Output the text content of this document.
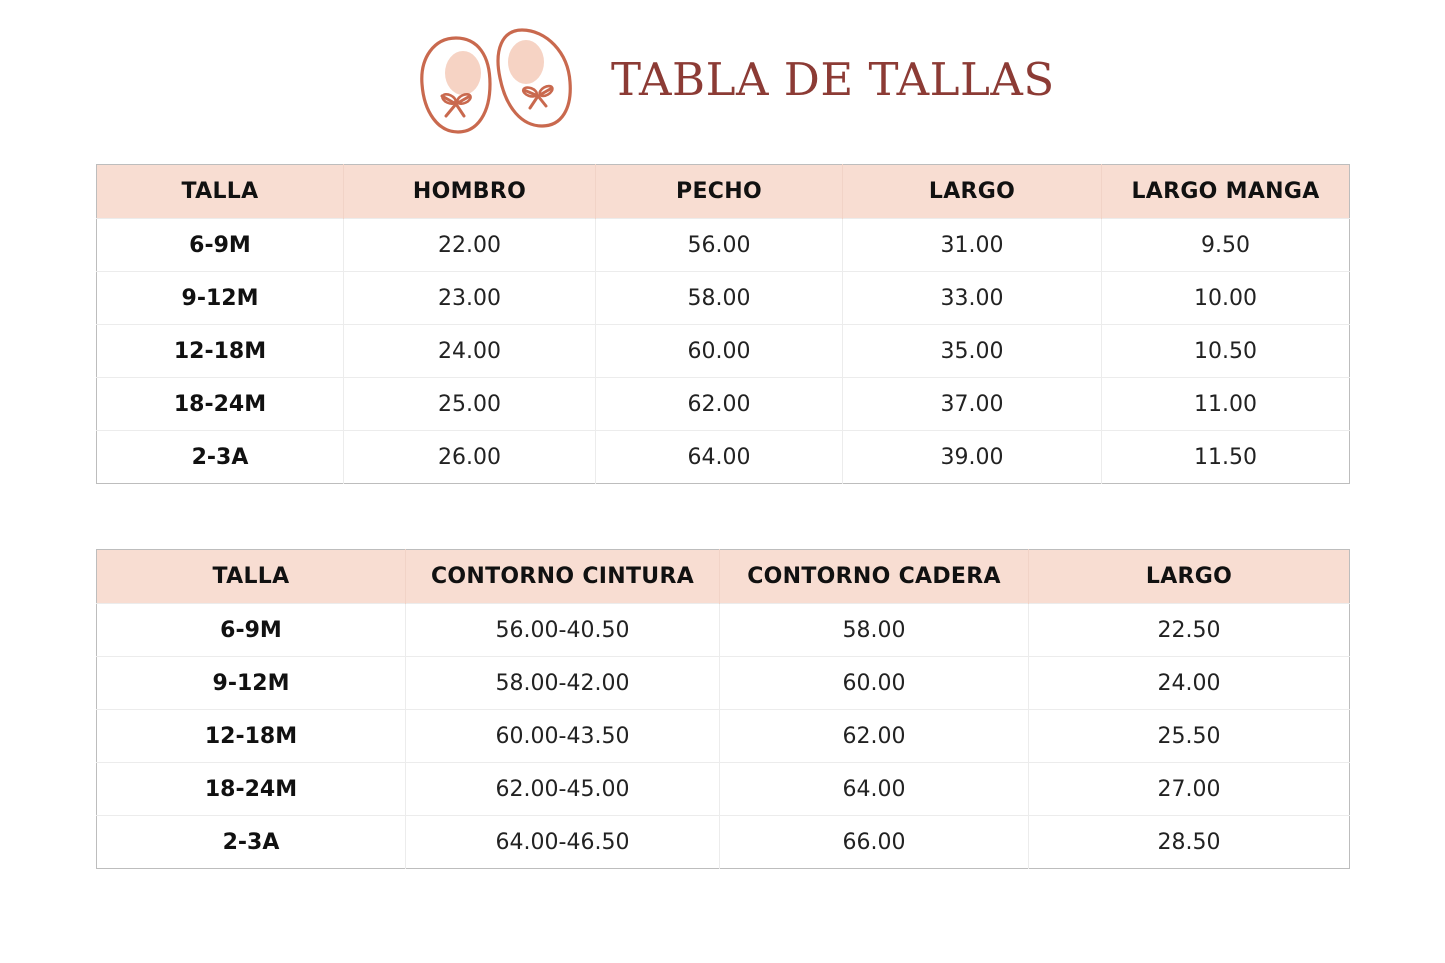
TABLA DE TALLAS
TALLA	HOMBRO	PECHO	LARGO	LARGO MANGA
6-9M	22.00	56.00	31.00	9.50
9-12M	23.00	58.00	33.00	10.00
12-18M	24.00	60.00	35.00	10.50
18-24M	25.00	62.00	37.00	11.00
2-3A	26.00	64.00	39.00	11.50
TALLA	CONTORNO CINTURA	CONTORNO CADERA	LARGO
6-9M	56.00-40.50	58.00	22.50
9-12M	58.00-42.00	60.00	24.00
12-18M	60.00-43.50	62.00	25.50
18-24M	62.00-45.00	64.00	27.00
2-3A	64.00-46.50	66.00	28.50
